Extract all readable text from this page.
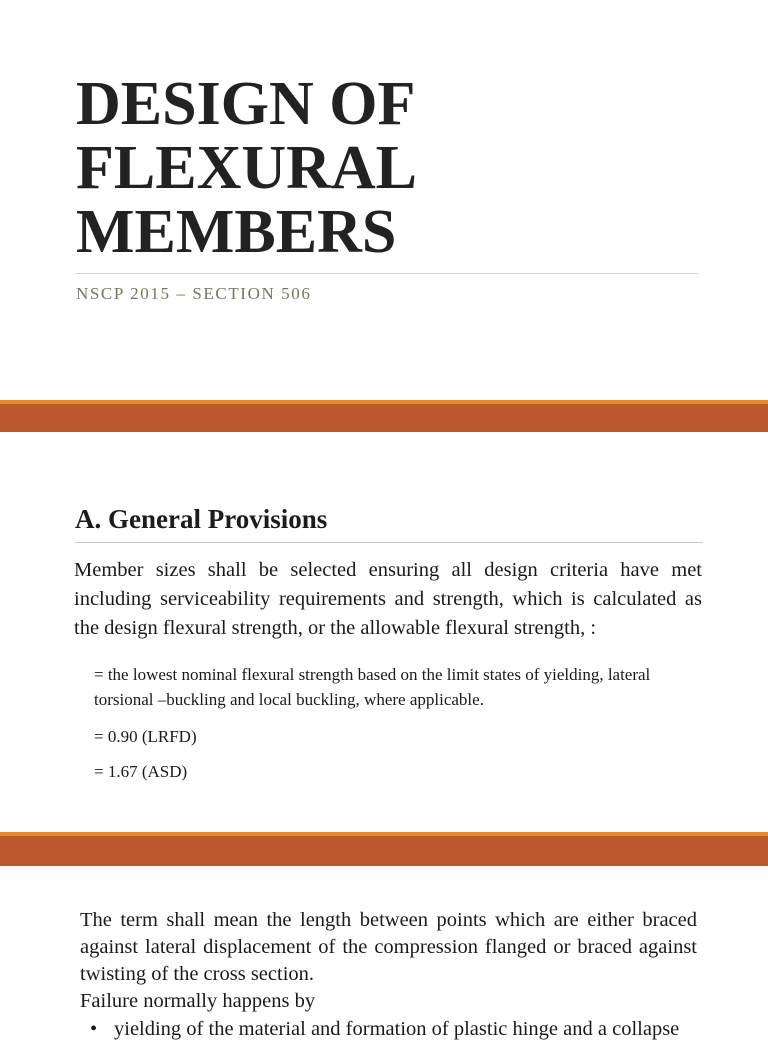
DESIGN OF
FLEXURAL
MEMBERS

NSCP 2015 – SECTION 506

A. General Provisions

Member sizes shall be selected ensuring all design criteria have met including serviceability requirements and strength, which is calculated as the design flexural strength, or the allowable flexural strength, :

= the lowest nominal flexural strength based on the limit states of yielding, lateral torsional –buckling and local buckling, where applicable.

= 0.90 (LRFD)

= 1.67 (ASD)

The term shall mean the length between points which are either braced against lateral displacement of the compression flanged or braced against twisting of the cross section.
Failure normally happens by

• yielding of the material and formation of plastic hinge and a collapse
